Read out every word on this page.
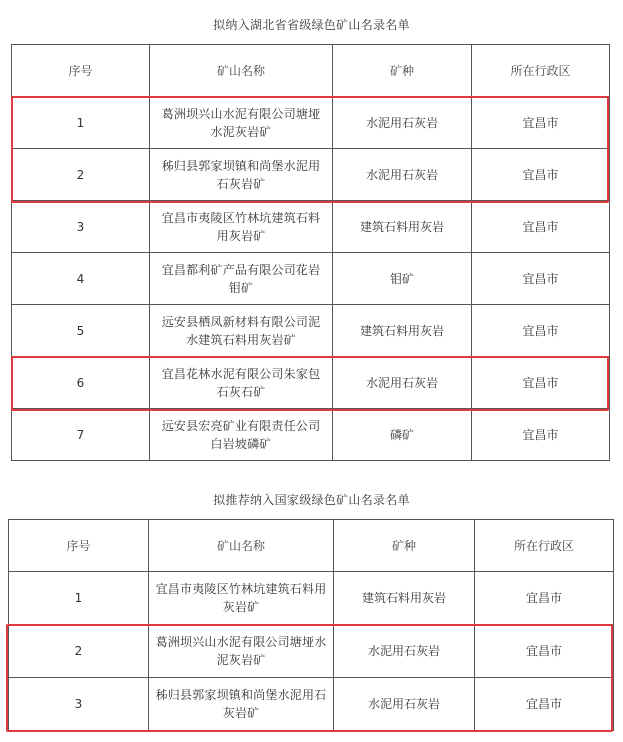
拟纳入湖北省省级绿色矿山名录名单
序号	矿山名称	矿种	所在行政区
1	葛洲坝兴山水泥有限公司塘垭水泥灰岩矿	水泥用石灰岩	宜昌市
2	秭归县郭家坝镇和尚堡水泥用石灰岩矿	水泥用石灰岩	宜昌市
3	宜昌市夷陵区竹林坑建筑石料用灰岩矿	建筑石料用灰岩	宜昌市
4	宜昌都利矿产品有限公司花岩钼矿	钼矿	宜昌市
5	远安县栖凤新材料有限公司泥水建筑石料用灰岩矿	建筑石料用灰岩	宜昌市
6	宜昌花林水泥有限公司朱家包石灰石矿	水泥用石灰岩	宜昌市
7	远安县宏亮矿业有限责任公司白岩坡磷矿	磷矿	宜昌市
拟推荐纳入国家级绿色矿山名录名单
序号	矿山名称	矿种	所在行政区
1	宜昌市夷陵区竹林坑建筑石料用灰岩矿	建筑石料用灰岩	宜昌市
2	葛洲坝兴山水泥有限公司塘垭水泥灰岩矿	水泥用石灰岩	宜昌市
3	秭归县郭家坝镇和尚堡水泥用石灰岩矿	水泥用石灰岩	宜昌市
